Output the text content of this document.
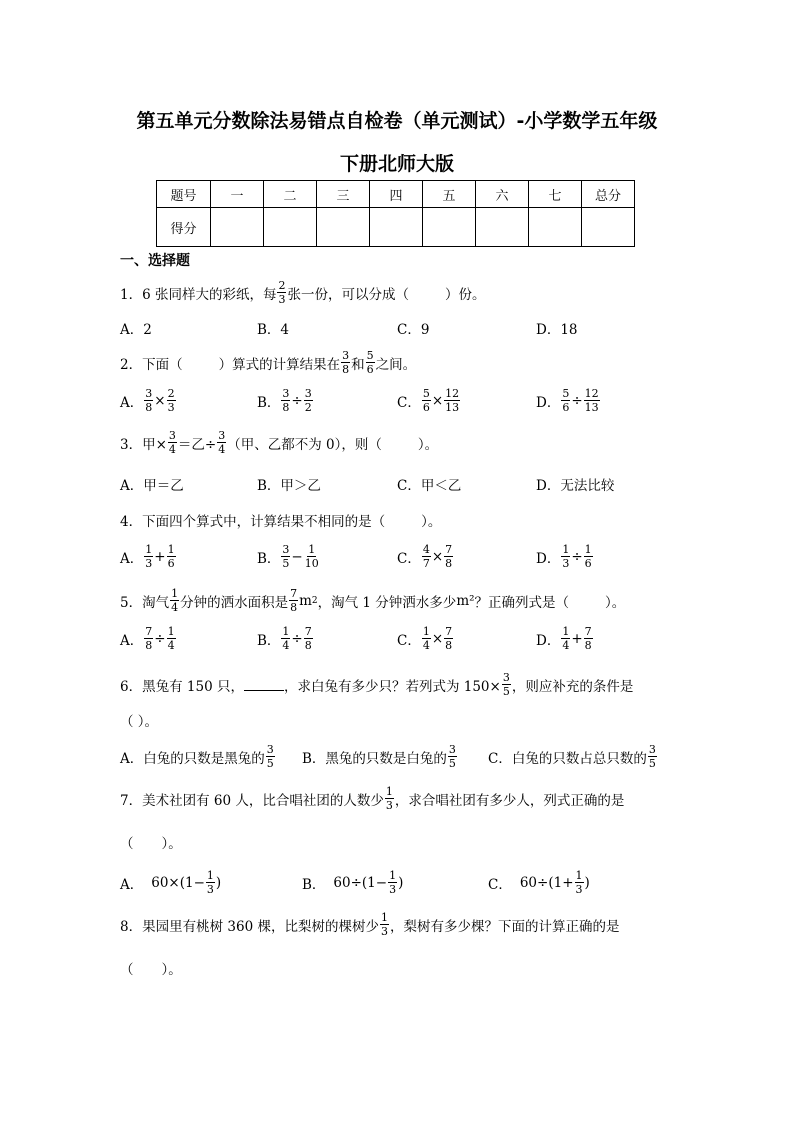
第五单元分数除法易错点自检卷（单元测试）-小学数学五年级
下册北师大版
题号	一	二	三	四	五	六	七	总分
得分								
一、选择题
1． 6 张同样大的彩纸，每 $\frac{2}{3}$ 张一份，可以分成（	）份。
A．2	B．4	C．9	D．18
2． 下面（	）算式的计算结果在 $\frac{3}{8}$ 和 $\frac{5}{6}$ 之间。
A． $\frac{3}{8} \times \frac{2}{3}$	B． $\frac{3}{8} \div \frac{3}{2}$	C． $\frac{5}{6} \times \frac{12}{13}$	D． $\frac{5}{6} \div \frac{12}{13}$
3． 甲× $\frac{3}{4}$ ＝乙÷ $\frac{3}{4}$ （甲、乙都不为 0），则（	）。
A．甲＝乙	B．甲＞乙	C．甲＜乙	D．无法比较
4． 下面四个算式中，计算结果不相同的是（	）。
A． $\frac{1}{3} + \frac{1}{6}$	B． $\frac{3}{5} - \frac{1}{10}$	C． $\frac{4}{7} \times \frac{7}{8}$	D． $\frac{1}{3} \div \frac{1}{6}$
5． 淘气 $\frac{1}{4}$ 分钟的洒水面积是 $\frac{7}{8}$ m 2 ，淘气 1 分钟洒水多少 m² ？正确列式是（	）。
A． $\frac{7}{8} \div \frac{1}{4}$	B． $\frac{1}{4} \div \frac{7}{8}$	C． $\frac{1}{4} \times \frac{7}{8}$	D． $\frac{1}{4} + \frac{7}{8}$
6． 黑兔有 150 只，	，求白兔有多少只？若列式为 $150\times \frac{3}{5}$ ，则应补充的条件是
（ ）。
A．白兔的只数是黑兔的 $\frac{3}{5}$ B．黑兔的只数是白兔的 $\frac{3}{5}$ C．白兔的只数占总只数的 $\frac{3}{5}$
7． 美术社团有 60 人，比合唱社团的人数少 $\frac{1}{3}$ ，求合唱社团有多少人，列式正确的是
（ ）。
A． $60\times(1- \frac{1}{3}$ )	B． $60\div(1- \frac{1}{3}$ )	C． $60\div(1+ \frac{1}{3}$ )
8． 果园里有桃树 360 棵，比梨树的棵树少 $\frac{1}{3}$ ，梨树有多少棵？下面的计算正确的是
（ ）。
